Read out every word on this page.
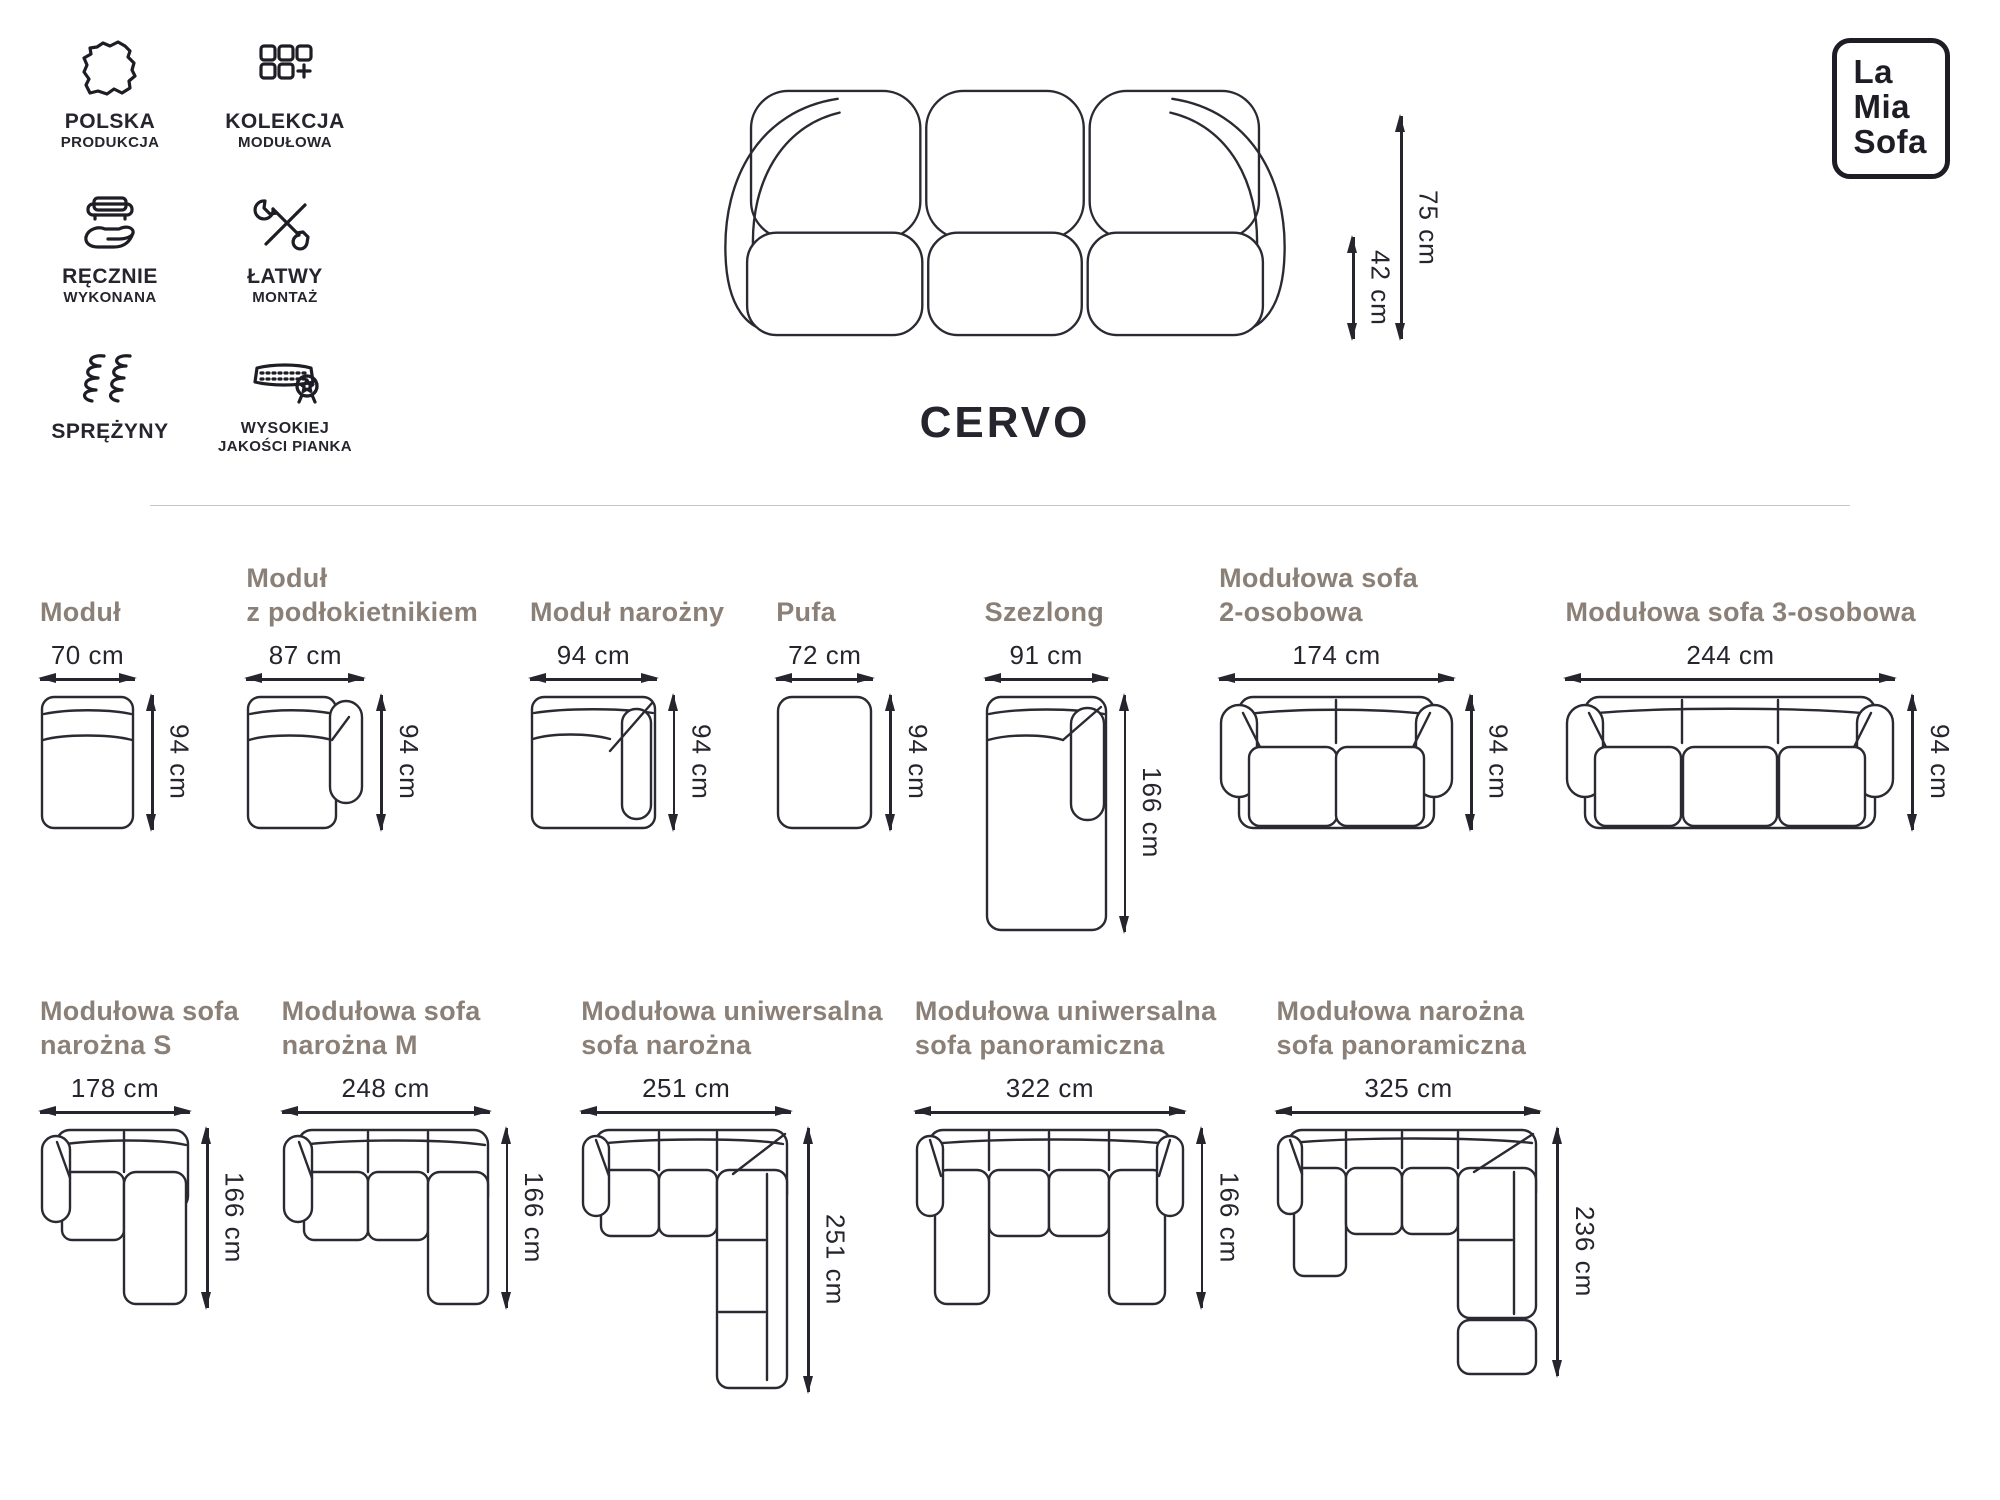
POLSKA
PRODUKCJA
KOLEKCJA
MODUŁOWA
RĘCZNIE
WYKONANA
ŁATWY
MONTAŻ
SPRĘŻYNY	WYSOKIEJ
JAKOŚCI PIANKA
42 cm
75 cm
CERVO
La
Mia
Sofa
Moduł
70 cm
94 cm
Moduł
z podłokietnikiem
87 cm
94 cm
Moduł narożny
94 cm
94 cm
Pufa
72 cm
94 cm
Szezlong
91 cm
166 cm
Modułowa sofa
2-osobowa
174 cm
94 cm
Modułowa sofa 3-osobowa
244 cm
94 cm
Modułowa sofa
narożna S
178 cm
166 cm
Modułowa sofa
narożna M
248 cm
166 cm
Modułowa uniwersalna
sofa narożna
251 cm
251 cm
Modułowa uniwersalna
sofa panoramiczna
322 cm
166 cm
Modułowa narożna
sofa panoramiczna
325 cm
236 cm
